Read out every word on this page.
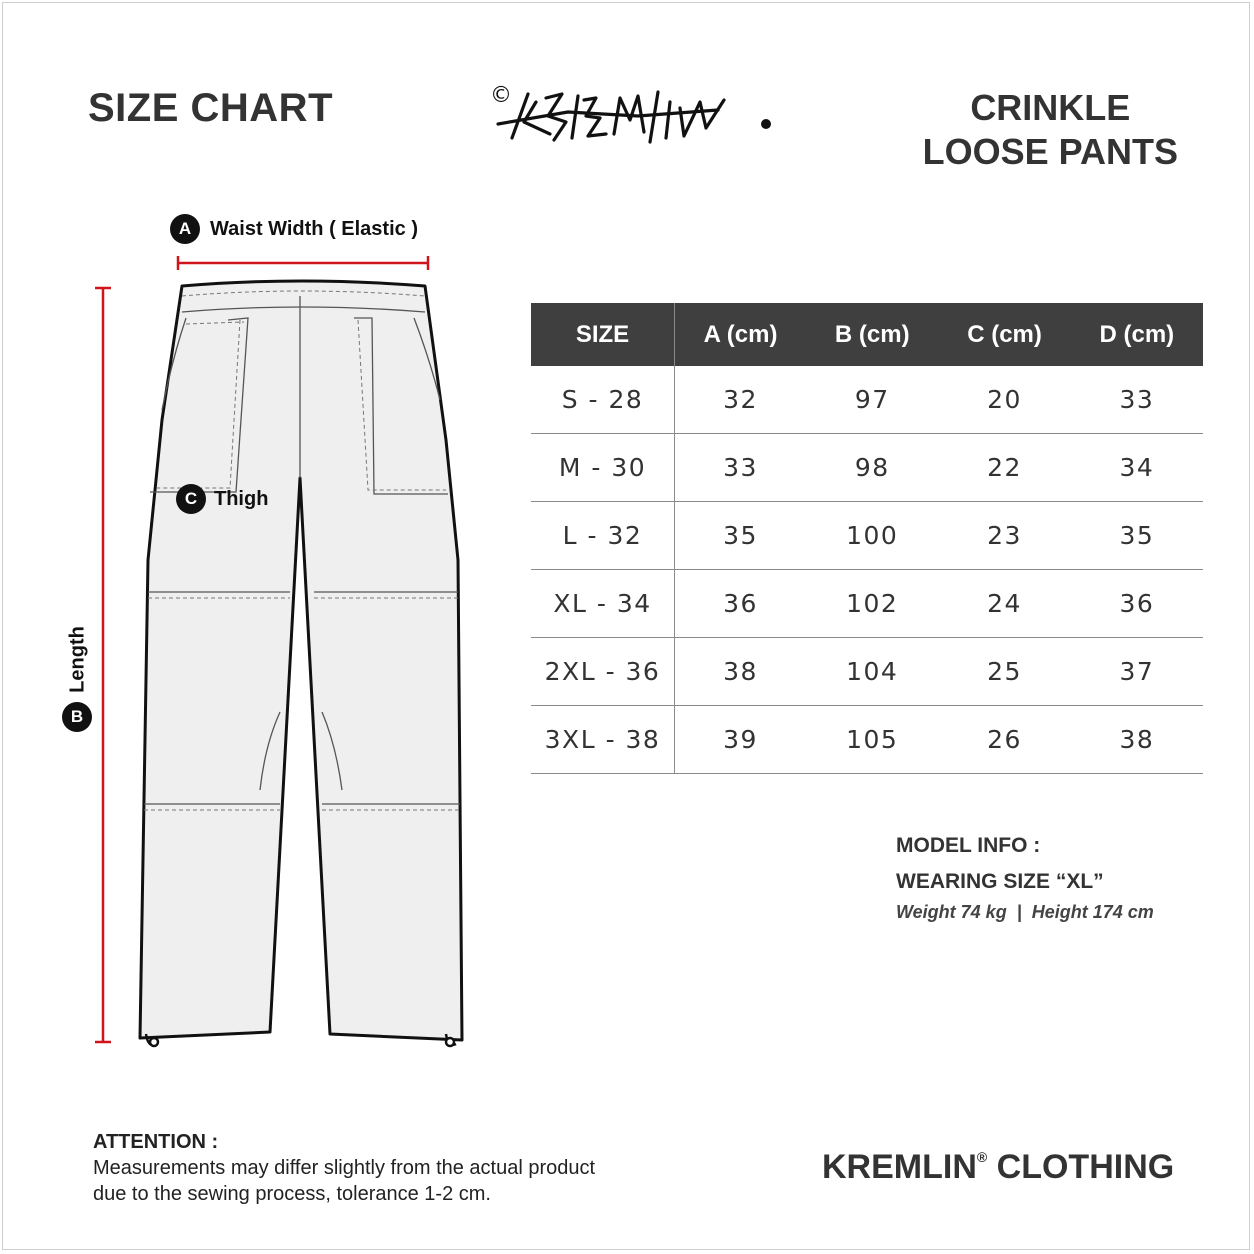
SIZE CHART	©	CRINKLE
LOOSE PANTS
A Waist Width ( Elastic )
C Thigh
Length
B
SIZE	A (cm)	B (cm)	C (cm)	D (cm)
S - 28	32	97	20	33
M - 30	33	98	22	34
L - 32	35	100	23	35
XL - 34	36	102	24	36
2XL - 36	38	104	25	37
3XL - 38	39	105	26	38
MODEL INFO :
WEARING SIZE “XL”
Weight 74 kg  |  Height 174 cm
ATTENTION :
Measurements may differ slightly from the actual product
due to the sewing process, tolerance 1-2 cm.
KREMLIN® CLOTHING
